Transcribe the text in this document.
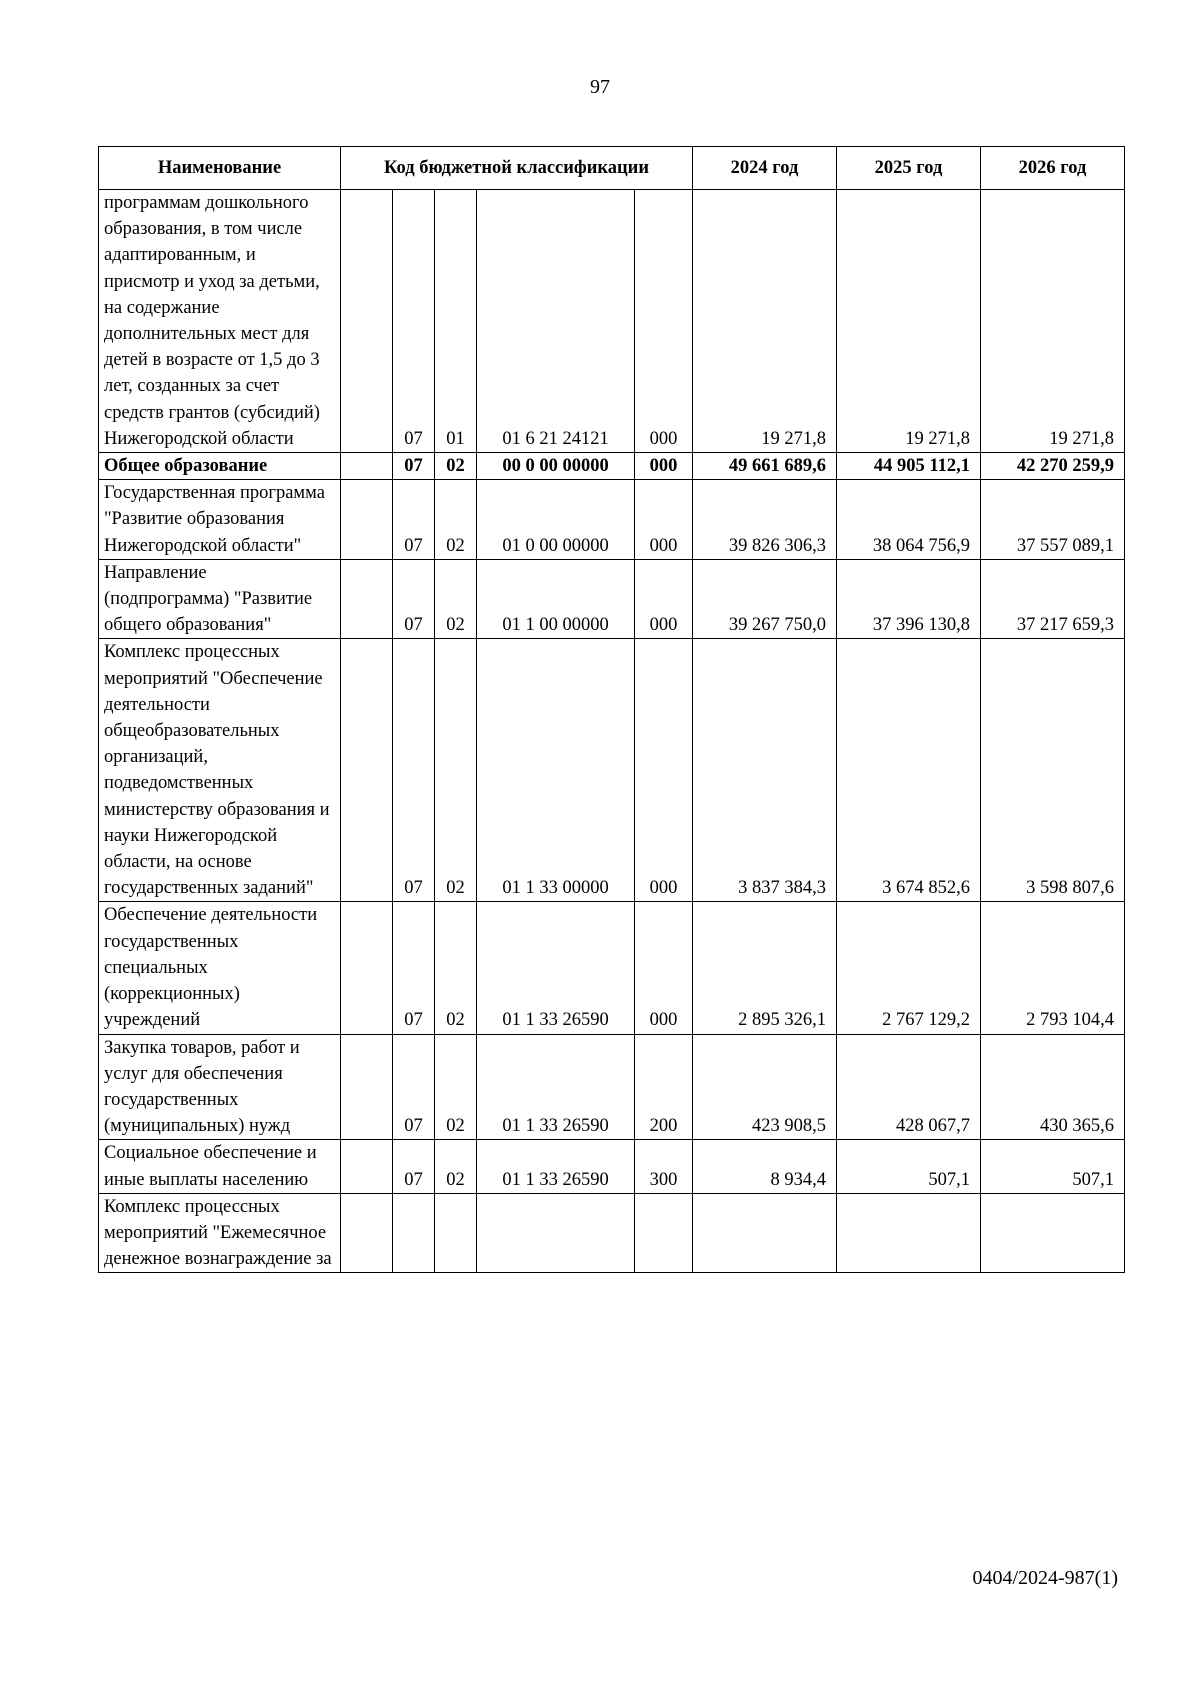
97
Наименование	Код бюджетной классификации					2024 год	2025 год	2026 год
программам дошкольного образования, в том числе адаптированным, и присмотр и уход за детьми, на содержание дополнительных мест для детей в возрасте от 1,5 до 3 лет, созданных за счет средств грантов (субсидий) Нижегородской области		07	01	01 6 21 24121	000	19 271,8	19 271,8	19 271,8
Общее образование		07	02	00 0 00 00000	000	49 661 689,6	44 905 112,1	42 270 259,9
Государственная программа "Развитие образования Нижегородской области"		07	02	01 0 00 00000	000	39 826 306,3	38 064 756,9	37 557 089,1
Направление (подпрограмма) "Развитие общего образования"		07	02	01 1 00 00000	000	39 267 750,0	37 396 130,8	37 217 659,3
Комплекс процессных мероприятий "Обеспечение деятельности общеобразовательных организаций, подведомственных министерству образования и науки Нижегородской области, на основе государственных заданий"		07	02	01 1 33 00000	000	3 837 384,3	3 674 852,6	3 598 807,6
Обеспечение деятельности государственных специальных (коррекционных) учреждений		07	02	01 1 33 26590	000	2 895 326,1	2 767 129,2	2 793 104,4
Закупка товаров, работ и услуг для обеспечения государственных (муниципальных) нужд		07	02	01 1 33 26590	200	423 908,5	428 067,7	430 365,6
Социальное обеспечение и иные выплаты населению		07	02	01 1 33 26590	300	8 934,4	507,1	507,1
Комплекс процессных мероприятий "Ежемесячное денежное вознаграждение за								
0404/2024-987(1)
